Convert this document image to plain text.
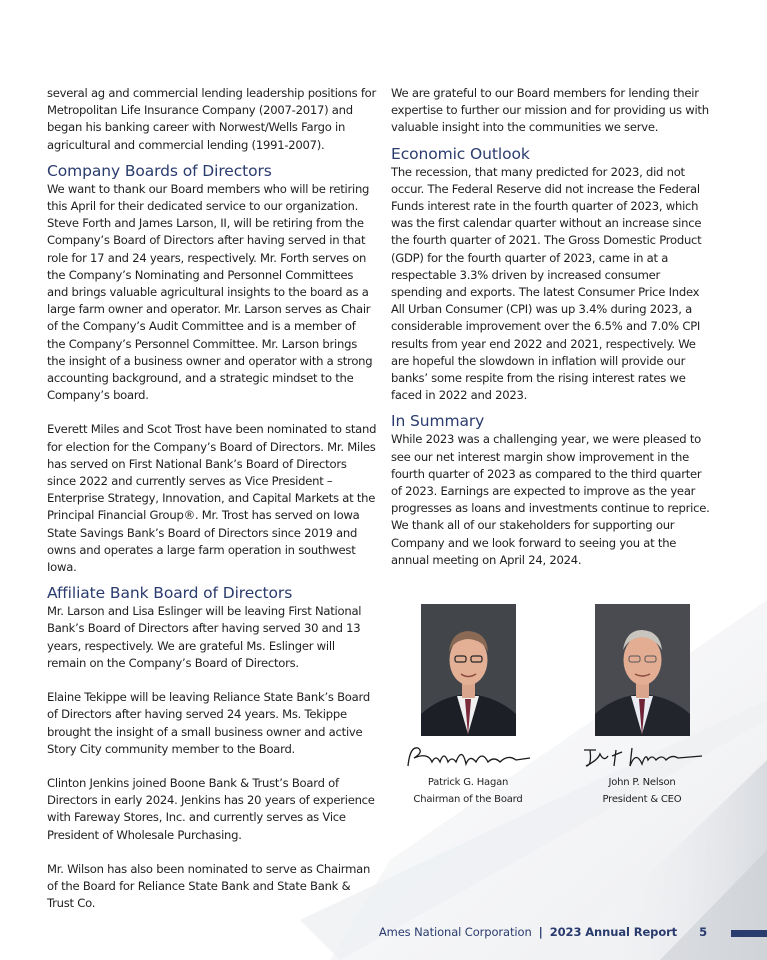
several ag and commercial lending leadership positions for Metropolitan Life Insurance Company (2007-2017) and began his banking career with Norwest/Wells Fargo in agricultural and commercial lending (1991-2007).

Company Boards of Directors

We want to thank our Board members who will be retiring this April for their dedicated service to our organization. Steve Forth and James Larson, II, will be retiring from the Company’s Board of Directors after having served in that role for 17 and 24 years, respectively. Mr. Forth serves on the Company’s Nominating and Personnel Committees and brings valuable agricultural insights to the board as a large farm owner and operator. Mr. Larson serves as Chair of the Company’s Audit Committee and is a member of the Company’s Personnel Committee. Mr. Larson brings the insight of a business owner and operator with a strong accounting background, and a strategic mindset to the Company’s board.

Everett Miles and Scot Trost have been nominated to stand for election for the Company’s Board of Directors. Mr. Miles has served on First National Bank’s Board of Directors since 2022 and currently serves as Vice President – Enterprise Strategy, Innovation, and Capital Markets at the Principal Financial Group®. Mr. Trost has served on Iowa State Savings Bank’s Board of Directors since 2019 and owns and operates a large farm operation in southwest Iowa.

Affiliate Bank Board of Directors

Mr. Larson and Lisa Eslinger will be leaving First National Bank’s Board of Directors after having served 30 and 13 years, respectively. We are grateful Ms. Eslinger will remain on the Company’s Board of Directors.

Elaine Tekippe will be leaving Reliance State Bank’s Board of Directors after having served 24 years. Ms. Tekippe brought the insight of a small business owner and active Story City community member to the Board.

Clinton Jenkins joined Boone Bank & Trust’s Board of Directors in early 2024. Jenkins has 20 years of experience with Fareway Stores, Inc. and currently serves as Vice President of Wholesale Purchasing.

Mr. Wilson has also been nominated to serve as Chairman of the Board for Reliance State Bank and State Bank & Trust Co.

We are grateful to our Board members for lending their expertise to further our mission and for providing us with valuable insight into the communities we serve.

Economic Outlook

The recession, that many predicted for 2023, did not occur. The Federal Reserve did not increase the Federal Funds interest rate in the fourth quarter of 2023, which was the first calendar quarter without an increase since the fourth quarter of 2021. The Gross Domestic Product (GDP) for the fourth quarter of 2023, came in at a respectable 3.3% driven by increased consumer spending and exports. The latest Consumer Price Index All Urban Consumer (CPI) was up 3.4% during 2023, a considerable improvement over the 6.5% and 7.0% CPI results from year end 2022 and 2021, respectively. We are hopeful the slowdown in inflation will provide our banks’ some respite from the rising interest rates we faced in 2022 and 2023.

In Summary

While 2023 was a challenging year, we were pleased to see our net interest margin show improvement in the fourth quarter of 2023 as compared to the third quarter of 2023. Earnings are expected to improve as the year progresses as loans and investments continue to reprice. We thank all of our stakeholders for supporting our Company and we look forward to seeing you at the annual meeting on April 24, 2024.

Patrick G. Hagan
Patrick G. Hagan
Chairman of the Board
John P. Nelson
John P. Nelson
President & CEO
Ames National Corporation | 2023 Annual Report 5
